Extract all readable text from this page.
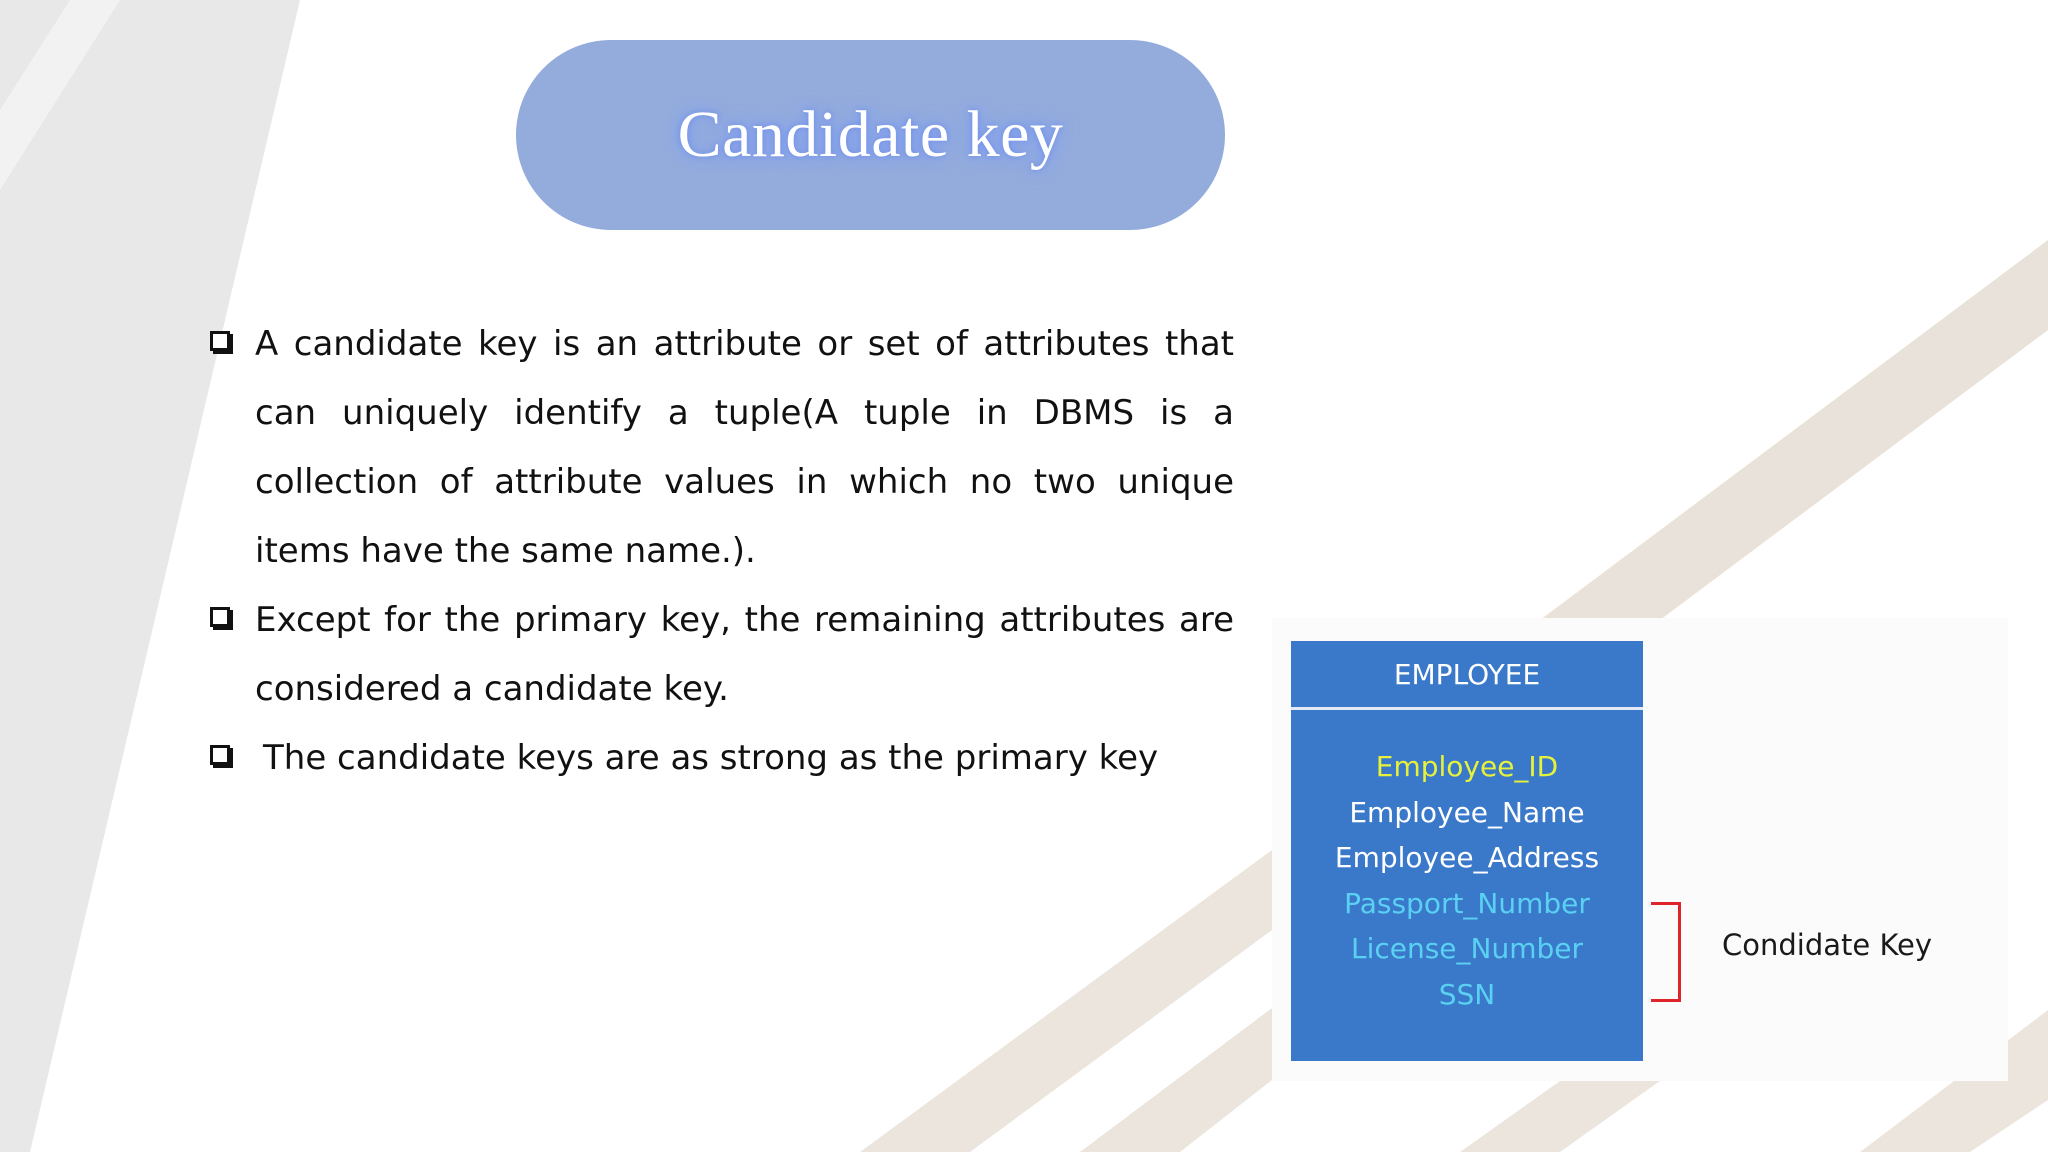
Candidate key
A candidate key is an attribute or set of attributes that can uniquely identify a tuple(A tuple in DBMS is a collection of attribute values in which no two unique items have the same name.).
Except for the primary key, the remaining attributes are considered a candidate key.
The candidate keys are as strong as the primary key
EMPLOYEE
Employee_ID
Employee_Name
Employee_Address
Passport_Number
License_Number
SSN
Condidate Key
